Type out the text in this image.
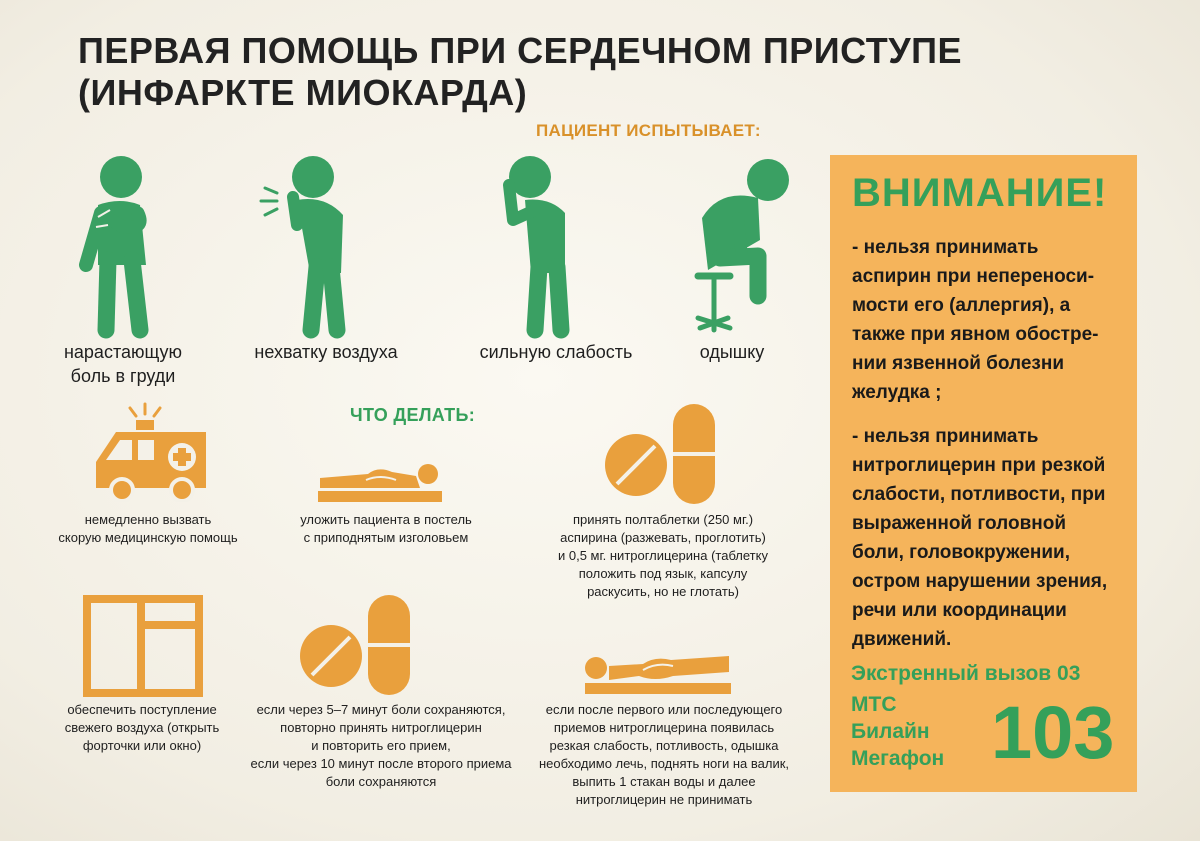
ПЕРВАЯ ПОМОЩЬ ПРИ СЕРДЕЧНОМ ПРИСТУПЕ
(ИНФАРКТЕ МИОКАРДА)
ПАЦИЕНТ ИСПЫТЫВАЕТ:
нарастающую
боль в груди
нехватку воздуха	сильную слабость	одышку
ЧТО ДЕЛАТЬ:
немедленно вызвать
скорую медицинскую помощь
уложить пациента в постель
с приподнятым изголовьем
принять полтаблетки (250 мг.)
аспирина (разжевать, проглотить)
и 0,5 мг. нитроглицерина (таблетку
положить под язык, капсулу
раскусить, но не глотать)
обеспечить поступление
свежего воздуха (открыть
форточки или окно)
если через 5–7 минут боли сохраняются,
повторно принять нитроглицерин
и повторить его прием,
если через 10 минут после второго приема
боли сохраняются
если после первого или последующего
приемов нитроглицерина появилась
резкая слабость, потливость, одышка
необходимо лечь, поднять ноги на валик,
выпить 1 стакан воды и далее
нитроглицерин не принимать
ВНИМАНИЕ!
- нельзя принимать
аспирин при непереноси-
мости его (аллергия), а
также при явном обостре-
нии язвенной болезни
желудка ;
- нельзя принимать
нитроглицерин при резкой
слабости, потливости, при
выраженной головной
боли, головокружении,
остром нарушении зрения,
речи или координации
движений.
Экстренный вызов 03
МТС
Билайн
Мегафон 103
